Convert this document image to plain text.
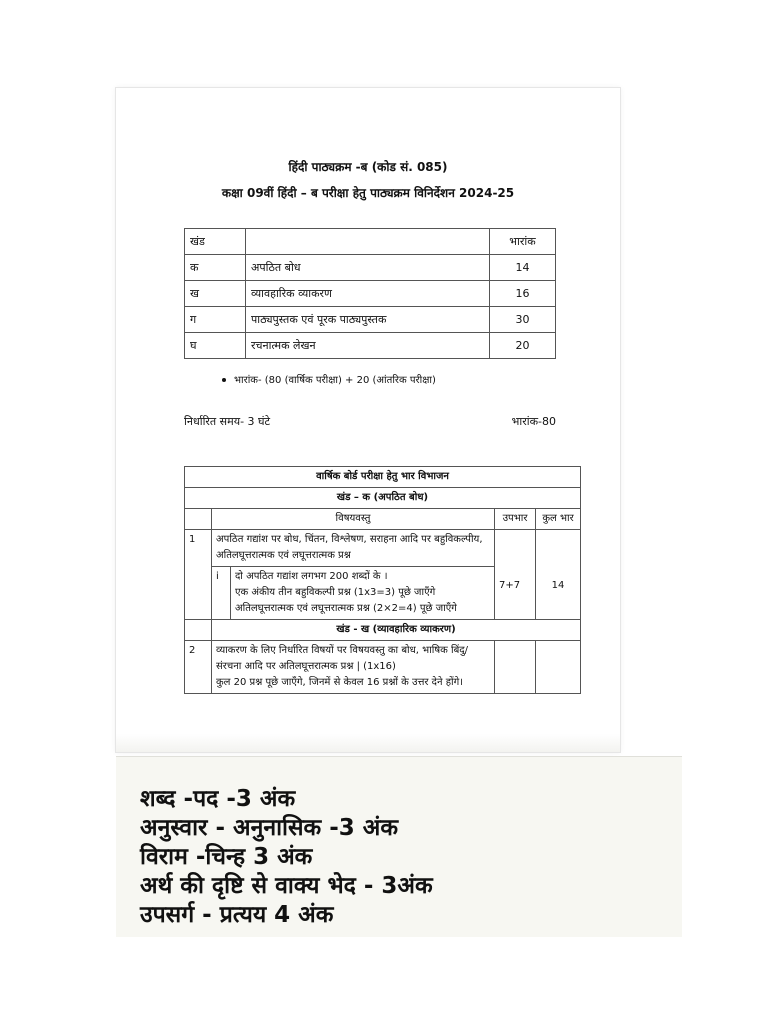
हिंदी पाठ्यक्रम -ब (कोड सं. 085)
कक्षा 09वीं हिंदी – ब परीक्षा हेतु पाठ्यक्रम विनिर्देशन 2024-25
खंड		भारांक
क	अपठित बोध	14
ख	व्यावहारिक व्याकरण	16
ग	पाठ्यपुस्तक एवं पूरक पाठ्यपुस्तक	30
घ	रचनात्मक लेखन	20
भारांक- (80 (वार्षिक परीक्षा) + 20 (आंतरिक परीक्षा)
निर्धारित समय- 3 घंटे	भारांक-80
वार्षिक बोर्ड परीक्षा हेतु भार विभाजन
खंड – क (अपठित बोध)
	विषयवस्तु	उपभार	कुल भार
1	अपठित गद्यांश पर बोध, चिंतन, विश्लेषण, सराहना आदि पर बहुविकल्पीय, अतिलघूत्तरात्मक एवं लघूत्तरात्मक प्रश्न
i	दो अपठित गद्यांश लगभग 200 शब्दों के ।
एक अंकीय तीन बहुविकल्पी प्रश्न (1x3=3) पूछे जाएँगे
अतिलघूत्तरात्मक एवं लघूत्तरात्मक प्रश्न (2×2=4) पूछे जाएँगे
	7+7	14
	खंड - ख (व्यावहारिक व्याकरण)
2	व्याकरण के लिए निर्धारित विषयों पर विषयवस्तु का बोध, भाषिक बिंदु/ संरचना आदि पर अतिलघूत्तरात्मक प्रश्न | (1x16)
कुल 20 प्रश्न पूछे जाएँगे, जिनमें से केवल 16 प्रश्नों के उत्तर देने होंगे।

शब्द -पद -3 अंक
अनुस्वार - अनुनासिक -3 अंक
विराम -चिन्ह 3 अंक
अर्थ की दृष्टि से वाक्य भेद - 3अंक
उपसर्ग - प्रत्यय 4 अंक
